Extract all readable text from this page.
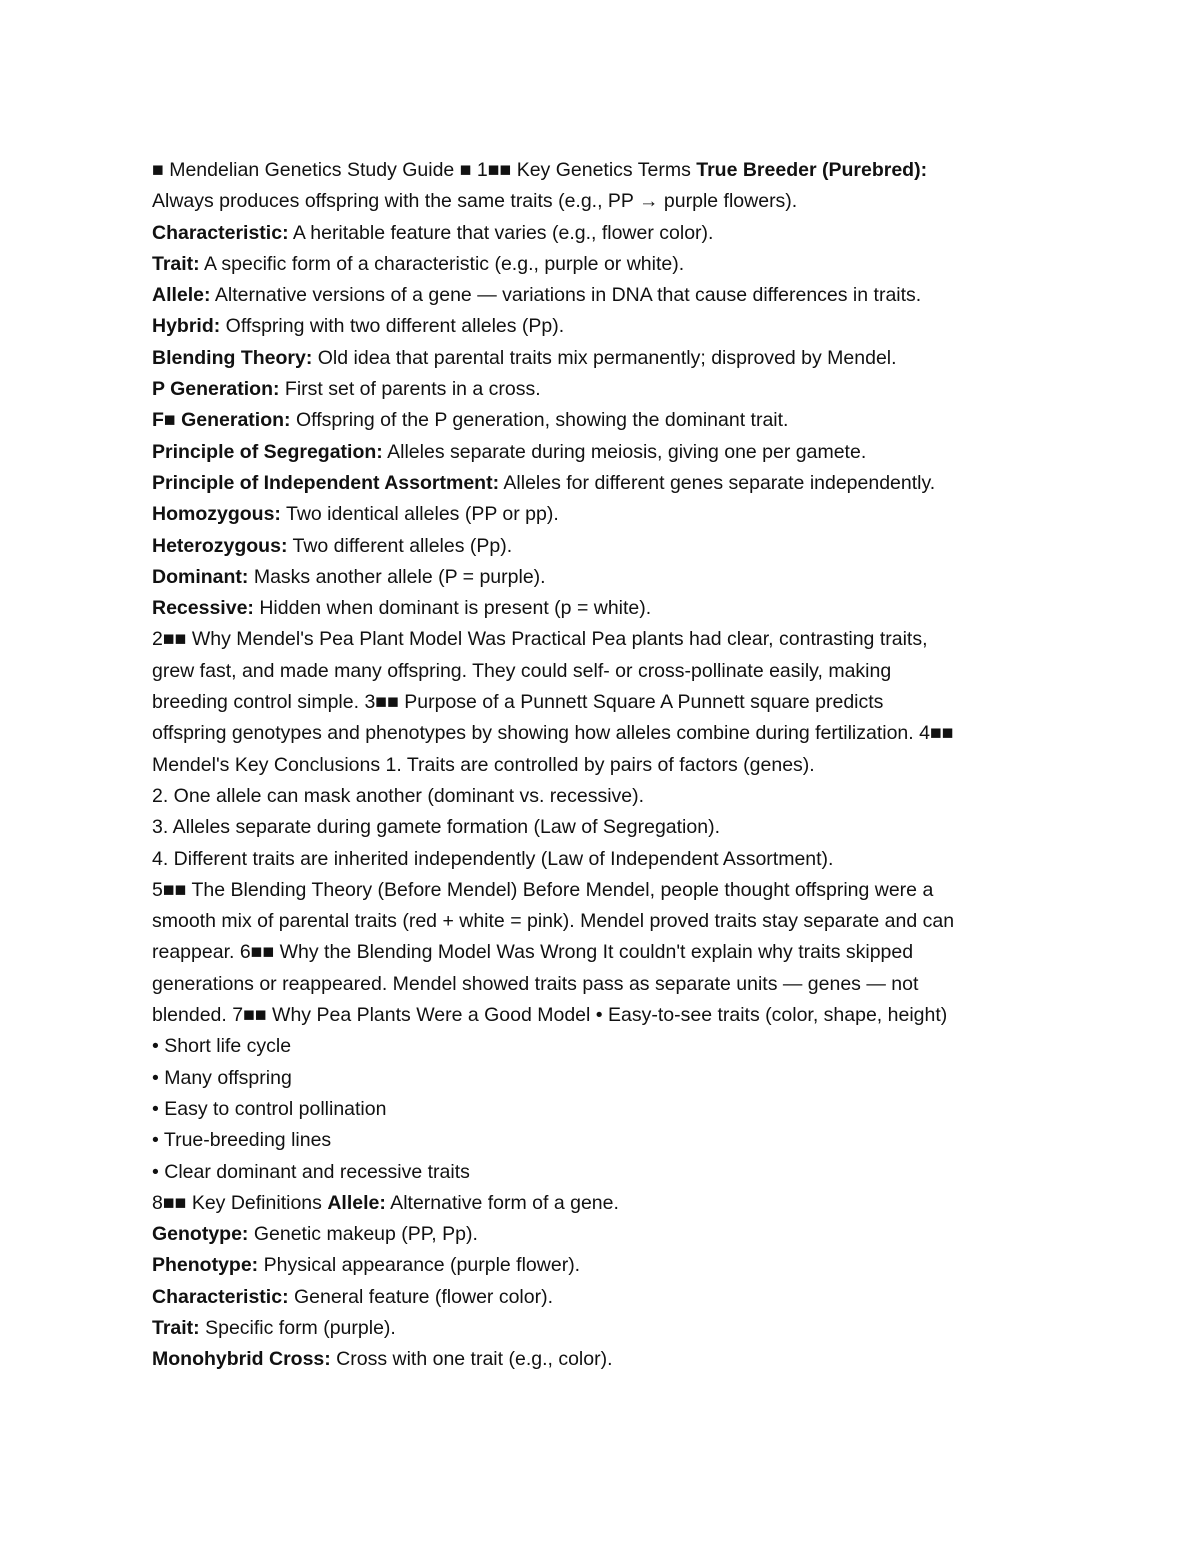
■ Mendelian Genetics Study Guide ■ 1■■ Key Genetics Terms True Breeder (Purebred):
Always produces offspring with the same traits (e.g., PP → purple flowers).
Characteristic: A heritable feature that varies (e.g., flower color).
Trait: A specific form of a characteristic (e.g., purple or white).
Allele: Alternative versions of a gene — variations in DNA that cause differences in traits.
Hybrid: Offspring with two different alleles (Pp).
Blending Theory: Old idea that parental traits mix permanently; disproved by Mendel.
P Generation: First set of parents in a cross.
F■ Generation: Offspring of the P generation, showing the dominant trait.
Principle of Segregation: Alleles separate during meiosis, giving one per gamete.
Principle of Independent Assortment: Alleles for different genes separate independently.
Homozygous: Two identical alleles (PP or pp).
Heterozygous: Two different alleles (Pp).
Dominant: Masks another allele (P = purple).
Recessive: Hidden when dominant is present (p = white).
2■■ Why Mendel's Pea Plant Model Was Practical Pea plants had clear, contrasting traits,
grew fast, and made many offspring. They could self- or cross-pollinate easily, making
breeding control simple. 3■■ Purpose of a Punnett Square A Punnett square predicts
offspring genotypes and phenotypes by showing how alleles combine during fertilization. 4■■
Mendel's Key Conclusions 1. Traits are controlled by pairs of factors (genes).
2. One allele can mask another (dominant vs. recessive).
3. Alleles separate during gamete formation (Law of Segregation).
4. Different traits are inherited independently (Law of Independent Assortment).
5■■ The Blending Theory (Before Mendel) Before Mendel, people thought offspring were a
smooth mix of parental traits (red + white = pink). Mendel proved traits stay separate and can
reappear. 6■■ Why the Blending Model Was Wrong It couldn't explain why traits skipped
generations or reappeared. Mendel showed traits pass as separate units — genes — not
blended. 7■■ Why Pea Plants Were a Good Model • Easy-to-see traits (color, shape, height)
• Short life cycle
• Many offspring
• Easy to control pollination
• True-breeding lines
• Clear dominant and recessive traits
8■■ Key Definitions Allele: Alternative form of a gene.
Genotype: Genetic makeup (PP, Pp).
Phenotype: Physical appearance (purple flower).
Characteristic: General feature (flower color).
Trait: Specific form (purple).
Monohybrid Cross: Cross with one trait (e.g., color).
